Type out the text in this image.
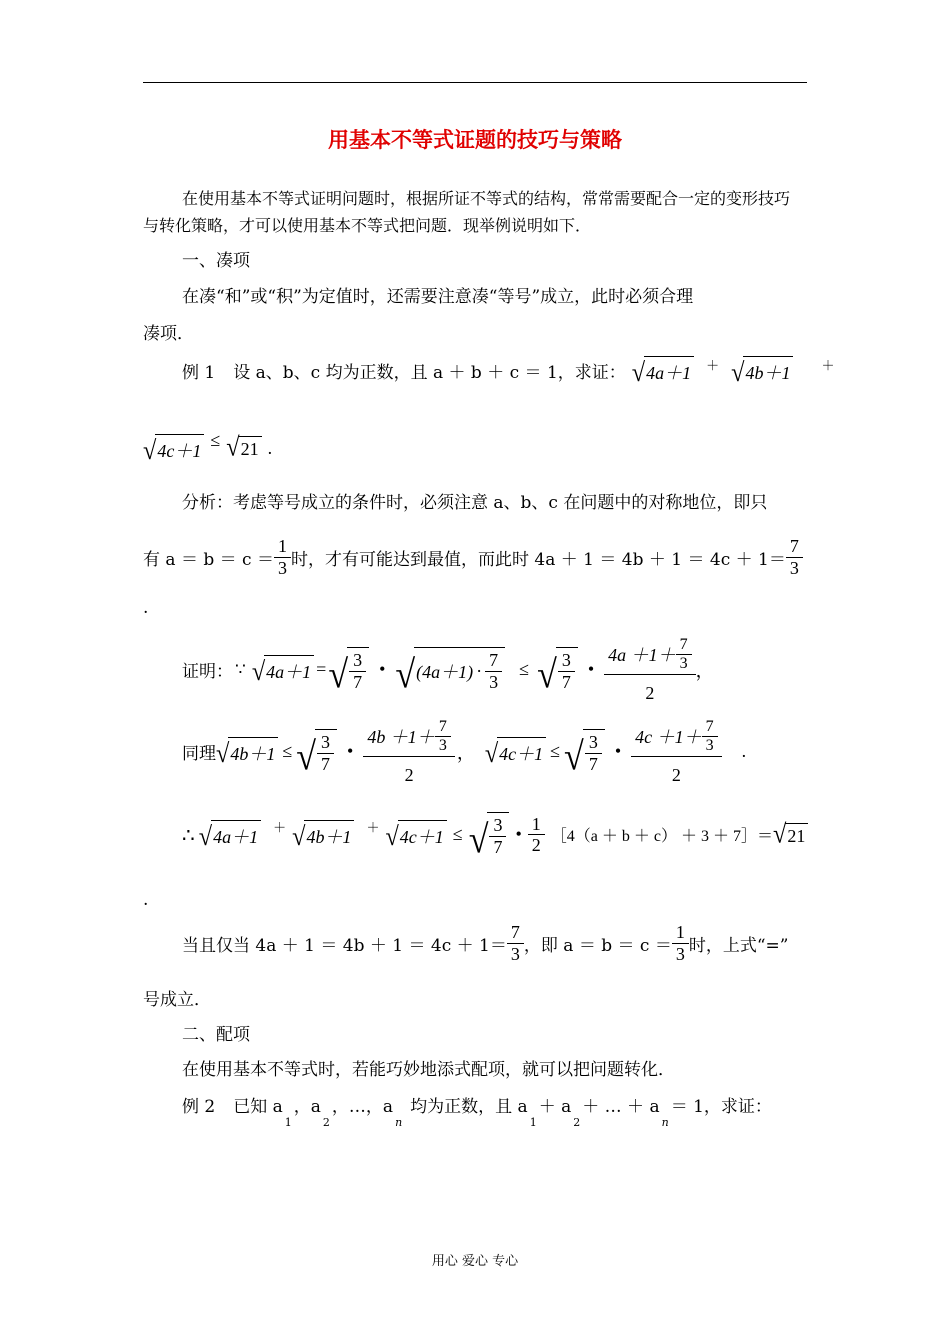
用基本不等式证题的技巧与策略
在使用基本不等式证明问题时，根据所证不等式的结构，常常需要配合一定的变形技巧
与转化策略，才可以使用基本不等式把问题．现举例说明如下．
一、凑项
在凑“和”或“积”为定值时，还需要注意凑“等号”成立，此时必须合理
凑项．
例 1 设 a、b、c 均为正数，且 a ＋ b ＋ c ＝ 1，求证： √ 4a＋1 ＋ √ 4b＋1 ＋
√ 4c＋1
≤ √ 21 .
分析：考虑等号成立的条件时，必须注意 a、b、c 在问题中的对称地位，即只
有 $a = b = c = \frac{1}{3}$ 时，才有可能达到最值，而此时 $4a + 1 = 4b + 1 = 4c + 1= \frac{7}{3}$
.
证明： ∵ √ 4a＋1 = √ $\frac{3}{7}$ • √ $(4a+1) \cdot \frac{7}{3}$ ≤ √ $\frac{3}{7}$ • $\frac{4a +1+ \frac{7}{3}}{2}$ ，
同理 √ 4b＋1 ≤ √ $\frac{3}{7}$ • $\frac{4b +1+ \frac{7}{3}}{2}$ ， √ 4c＋1 ≤ √ $\frac{3}{7}$ • $\frac{4c +1+ \frac{7}{3}}{2}$ .
∴ √ 4a＋1 ＋ √ 4b＋1 ＋ √ 4c＋1 ≤ √ $\frac{3}{7}$ • $\frac{1}{2}$ ［4（a ＋ b ＋ c） ＋ 3 ＋ 7］＝ √ 21
.
当且仅当 $4a + 1 = 4b + 1 = 4c + 1= \frac{7}{3}$ ，即 $a = b = c = \frac{1}{3}$ 时，上式“=”
号成立．
二、配项
在使用基本不等式时，若能巧妙地添式配项，就可以把问题转化．
例 2 已知 a
1
，a
2
，…，a
n
均为正数，且 a
1
＋ a
2
＋ … ＋ a
n
＝ 1，求证：
用心 爱心 专心
